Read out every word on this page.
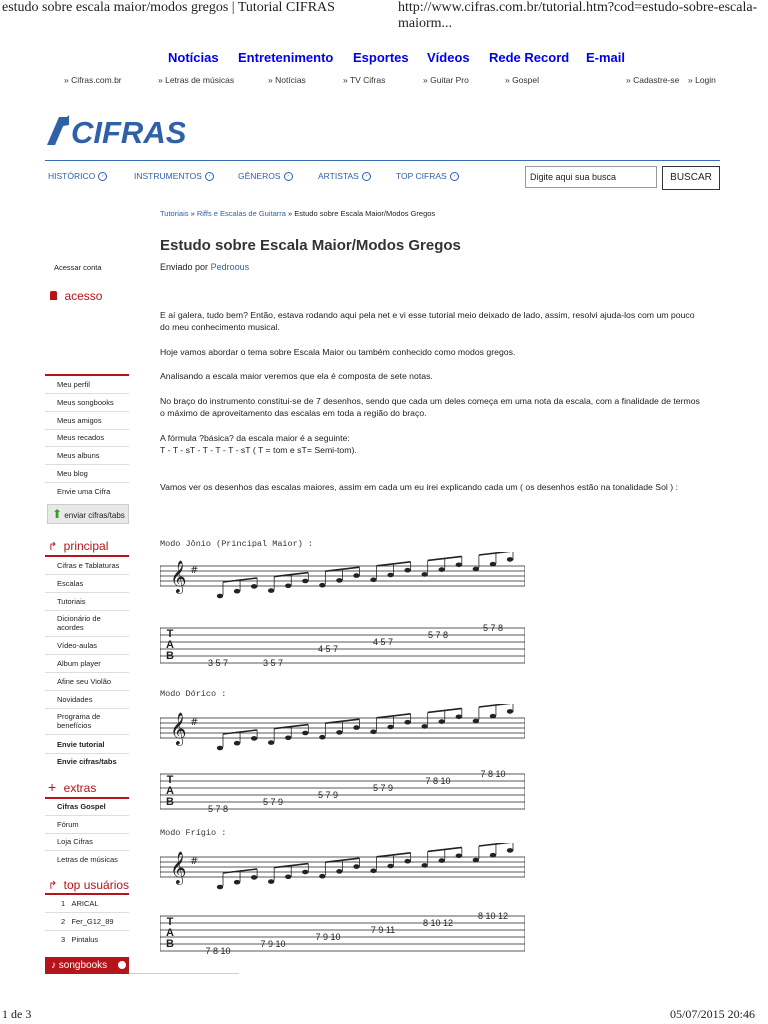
estudo sobre escala maior/modos gregos | Tutorial CIFRAS	http://www.cifras.com.br/tutorial.htm?cod=estudo-sobre-escala-maiorm...
1 de 3	05/07/2015 20:46
Notícias Entretenimento Esportes Vídeos Rede Record E-mail
» Cifras.com.br	» Letras de músicas	» Notícias	» TV Cifras	» Guitar Pro	» Gospel	» Cadastre-se » Login
CIFRAS
HISTÓRICO ›	INSTRUMENTOS ›	GÊNEROS ›	ARTISTAS ›	TOP CIFRAS ›	Digite aqui sua busca	BUSCAR
Acessar conta
acesso
Meu perfil
Meus songbooks
Meus amigos
Meus recados
Meus albuns
Meu blog
Envie uma Cifra
⬆ enviar cifras/tabs
↱ principal
Cifras e Tablaturas
Escalas
Tutoriais
Dicionário de acordes
Vídeo-aulas
Album player
Afine seu Violão
Novidades
Programa de benefícios
Envie tutorial
Envie cifras/tabs
+ extras
Cifras Gospel
Fórum
Loja Cifras
Letras de músicas
↱ top usuários
1 ARICAL
2 Fer_G12_89
3 Pintalus
♪ songbooks
Tutoriais » Riffs e Escalas de Guitarra » Estudo sobre Escala Maior/Modos Gregos
Estudo sobre Escala Maior/Modos Gregos
Enviado por Pedroous
E aí galera, tudo bem? Então, estava rodando aqui pela net e vi esse tutorial meio deixado de lado, assim, resolvi ajuda-los com um pouco do meu conhecimento musical.
Hoje vamos abordar o tema sobre Escala Maior ou também conhecido como modos gregos.
Analisando a escala maior veremos que ela é composta de sete notas.
No braço do instrumento constitui-se de 7 desenhos, sendo que cada um deles começa em uma nota da escala, com a finalidade de termos o máximo de aproveitamento das escalas em toda a região do braço.
A fórmula ?básica? da escala maior é a seguinte:
T - T - sT - T - T - T - sT ( T = tom e sT= Semi-tom).
Vamos ver os desenhos das escalas maiores, assim em cada um eu irei explicando cada um ( os desenhos estão na tonalidade Sol ) :
Modo Jônio (Principal Maior) :
𝄞 #
T
A
B
3 5 7	3 5 7
4 5 7
4 5 7
5 7 8
5 7 8
Modo Dórico :
𝄞 #
T
A
B
5 7 8
5 7 9
5 7 9
5 7 9
7 8 10
7 8 10
Modo Frígio :
𝄞 #
T
A
B
7 8 10
7 9 10
7 9 10
7 9 11
8 10 12
8 10 12
